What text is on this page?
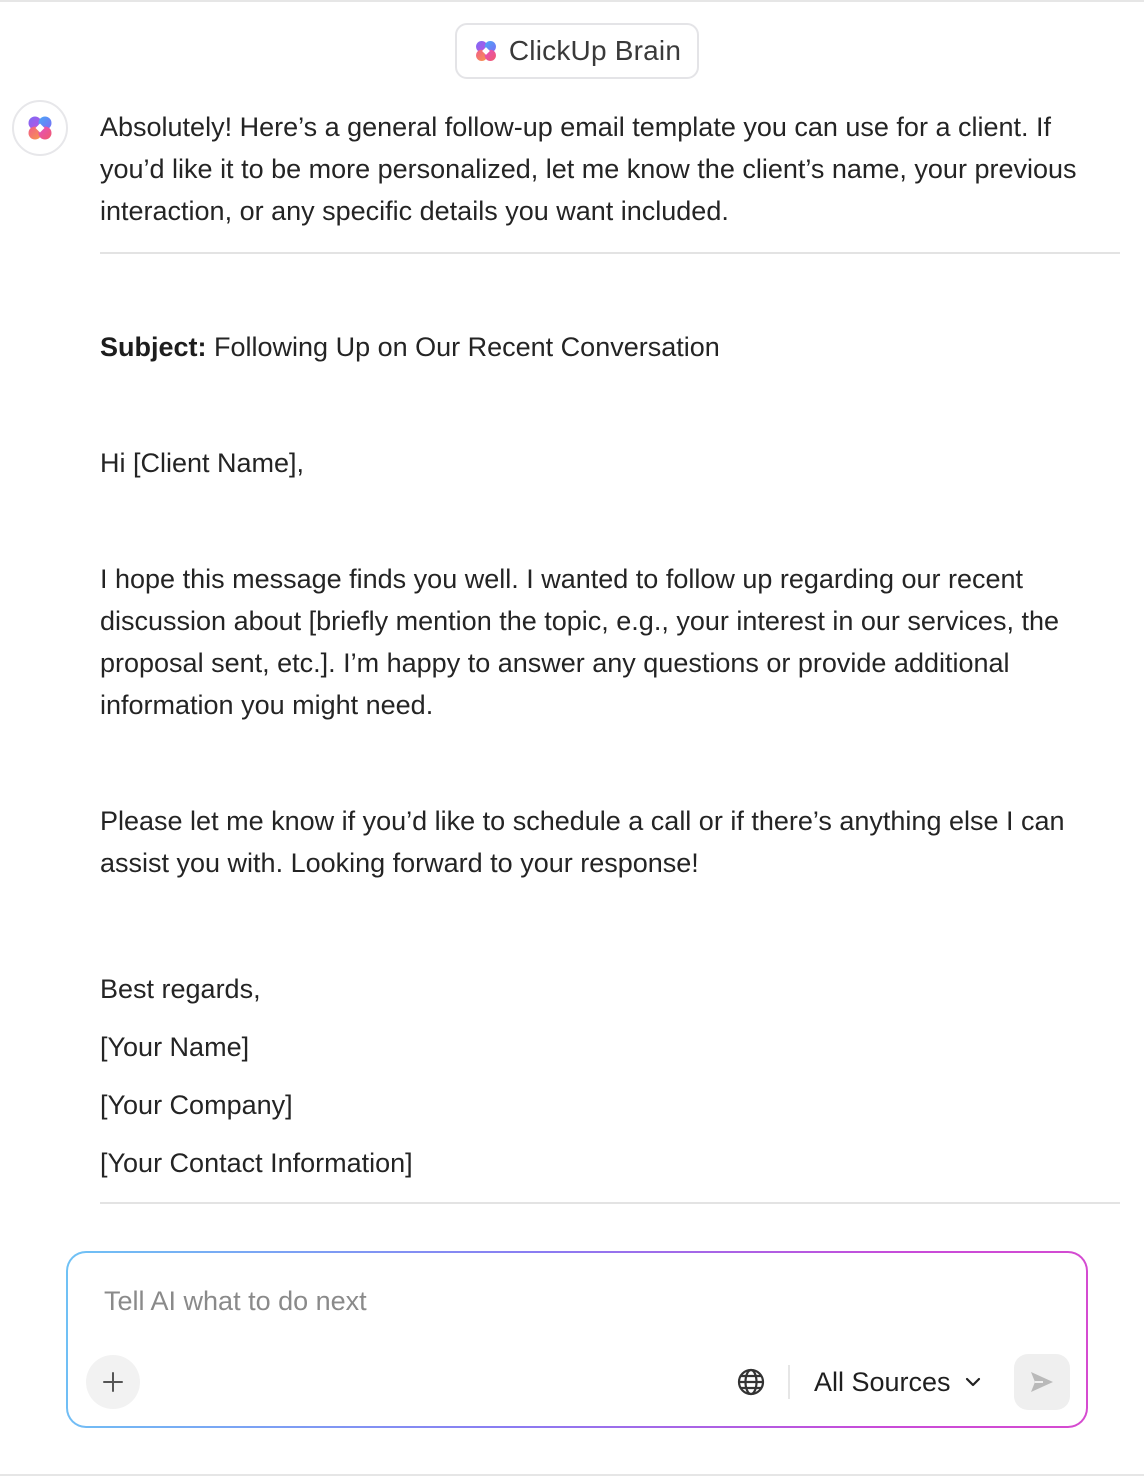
ClickUp Brain

Absolutely! Here’s a general follow-up email template you can use for a client. If you’d like it to be more personalized, let me know the client’s name, your previous interaction, or any specific details you want included.

Subject: Following Up on Our Recent Conversation

Hi [Client Name],

I hope this message finds you well. I wanted to follow up regarding our recent discussion about [briefly mention the topic, e.g., your interest in our services, the proposal sent, etc.]. I’m happy to answer any questions or provide additional information you might need.

Please let me know if you’d like to schedule a call or if there’s anything else I can assist you with. Looking forward to your response!

Best regards,

[Your Name]

[Your Company]

[Your Contact Information]

Tell AI what to do next
All Sources
